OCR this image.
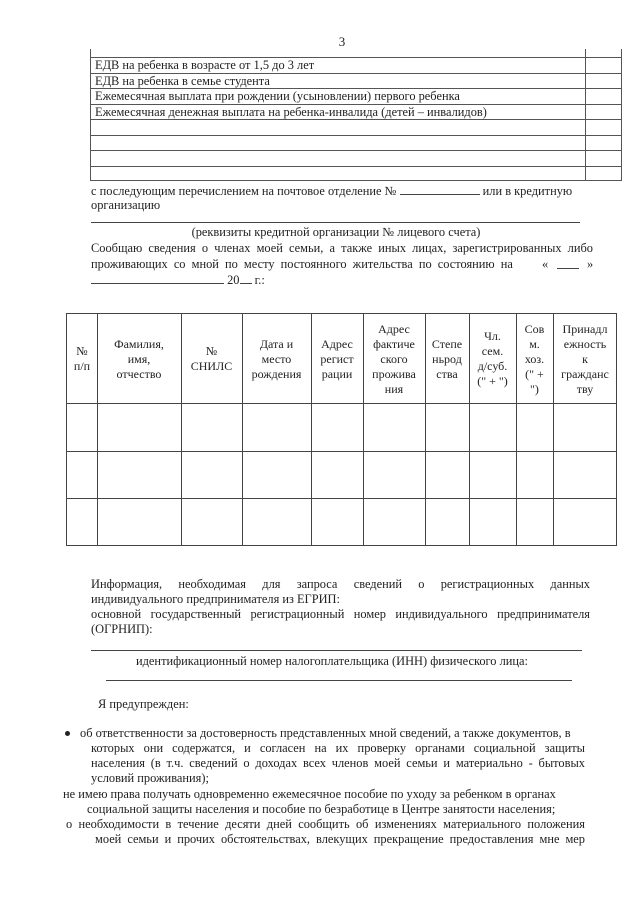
3
ЕДВ на ребенка в возрасте от 1,5 до 3 лет
ЕДВ на ребенка в семье студента
Ежемесячная выплата при рождении (усыновлении) первого ребенка
Ежемесячная денежная выплата на ребенка-инвалида (детей – инвалидов)
с последующим перечислением на почтовое отделение №	или в кредитную
организацию
(реквизиты кредитной организации № лицевого счета)
Сообщаю сведения о членах моей семьи, а также иных лицах, зарегистрированных либо
проживающих со мной по месту постоянного жительства по состоянию на «	»
20 г.:
№
п/п
Фамилия,
имя,
отчество
№
СНИЛС
Дата и
место
рождения
Адрес
регист
рации
Адрес
фактиче
ского
прожива
ния
Степе
ньрод
ства
Чл.
сем.
д/суб.
(" + ")
Сов
м.
хоз.
(" +
")
Принадл
ежность
к
гражданс
тву
Информация, необходимая для запроса сведений о регистрационных данных
индивидуального предпринимателя из ЕГРИП:
основной государственный регистрационный номер индивидуального предпринимателя
(ОГРНИП):
идентификационный номер налогоплательщика (ИНН) физического лица:
Я предупрежден:
об ответственности за достоверность представленных мной сведений, а также документов, в
которых они содержатся, и согласен на их проверку органами социальной защиты
населения (в т.ч. сведений о доходах всех членов моей семьи и материально - бытовых
условий проживания);
не имею права получать одновременно ежемесячное пособие по уходу за ребенком в органах
социальной защиты населения и пособие по безработице в Центре занятости населения;
о необходимости в течение десяти дней сообщить об изменениях материального положения
моей семьи и прочих обстоятельствах, влекущих прекращение предоставления мне мер
